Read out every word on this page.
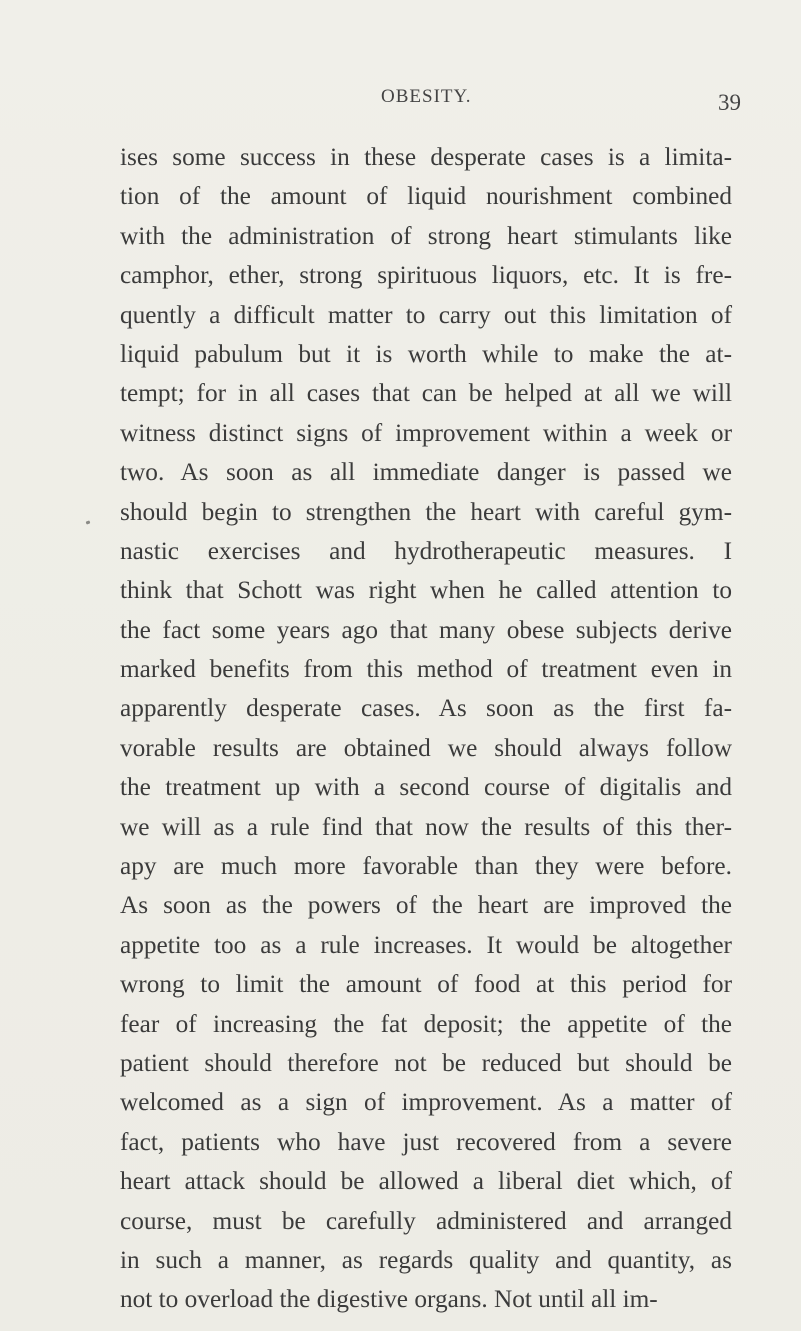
OBESITY.	39
ises some success in these desperate cases is a limita-
tion of the amount of liquid nourishment combined
with the administration of strong heart stimulants like
camphor, ether, strong spirituous liquors, etc. It is fre-
quently a difficult matter to carry out this limitation of
liquid pabulum but it is worth while to make the at-
tempt; for in all cases that can be helped at all we will
witness distinct signs of improvement within a week or
two. As soon as all immediate danger is passed we
should begin to strengthen the heart with careful gym-
nastic exercises and hydrotherapeutic measures. I
think that Schott was right when he called attention to
the fact some years ago that many obese subjects derive
marked benefits from this method of treatment even in
apparently desperate cases. As soon as the first fa-
vorable results are obtained we should always follow
the treatment up with a second course of digitalis and
we will as a rule find that now the results of this ther-
apy are much more favorable than they were before.
As soon as the powers of the heart are improved the
appetite too as a rule increases. It would be altogether
wrong to limit the amount of food at this period for
fear of increasing the fat deposit; the appetite of the
patient should therefore not be reduced but should be
welcomed as a sign of improvement. As a matter of
fact, patients who have just recovered from a severe
heart attack should be allowed a liberal diet which, of
course, must be carefully administered and arranged
in such a manner, as regards quality and quantity, as
not to overload the digestive organs. Not until all im-
